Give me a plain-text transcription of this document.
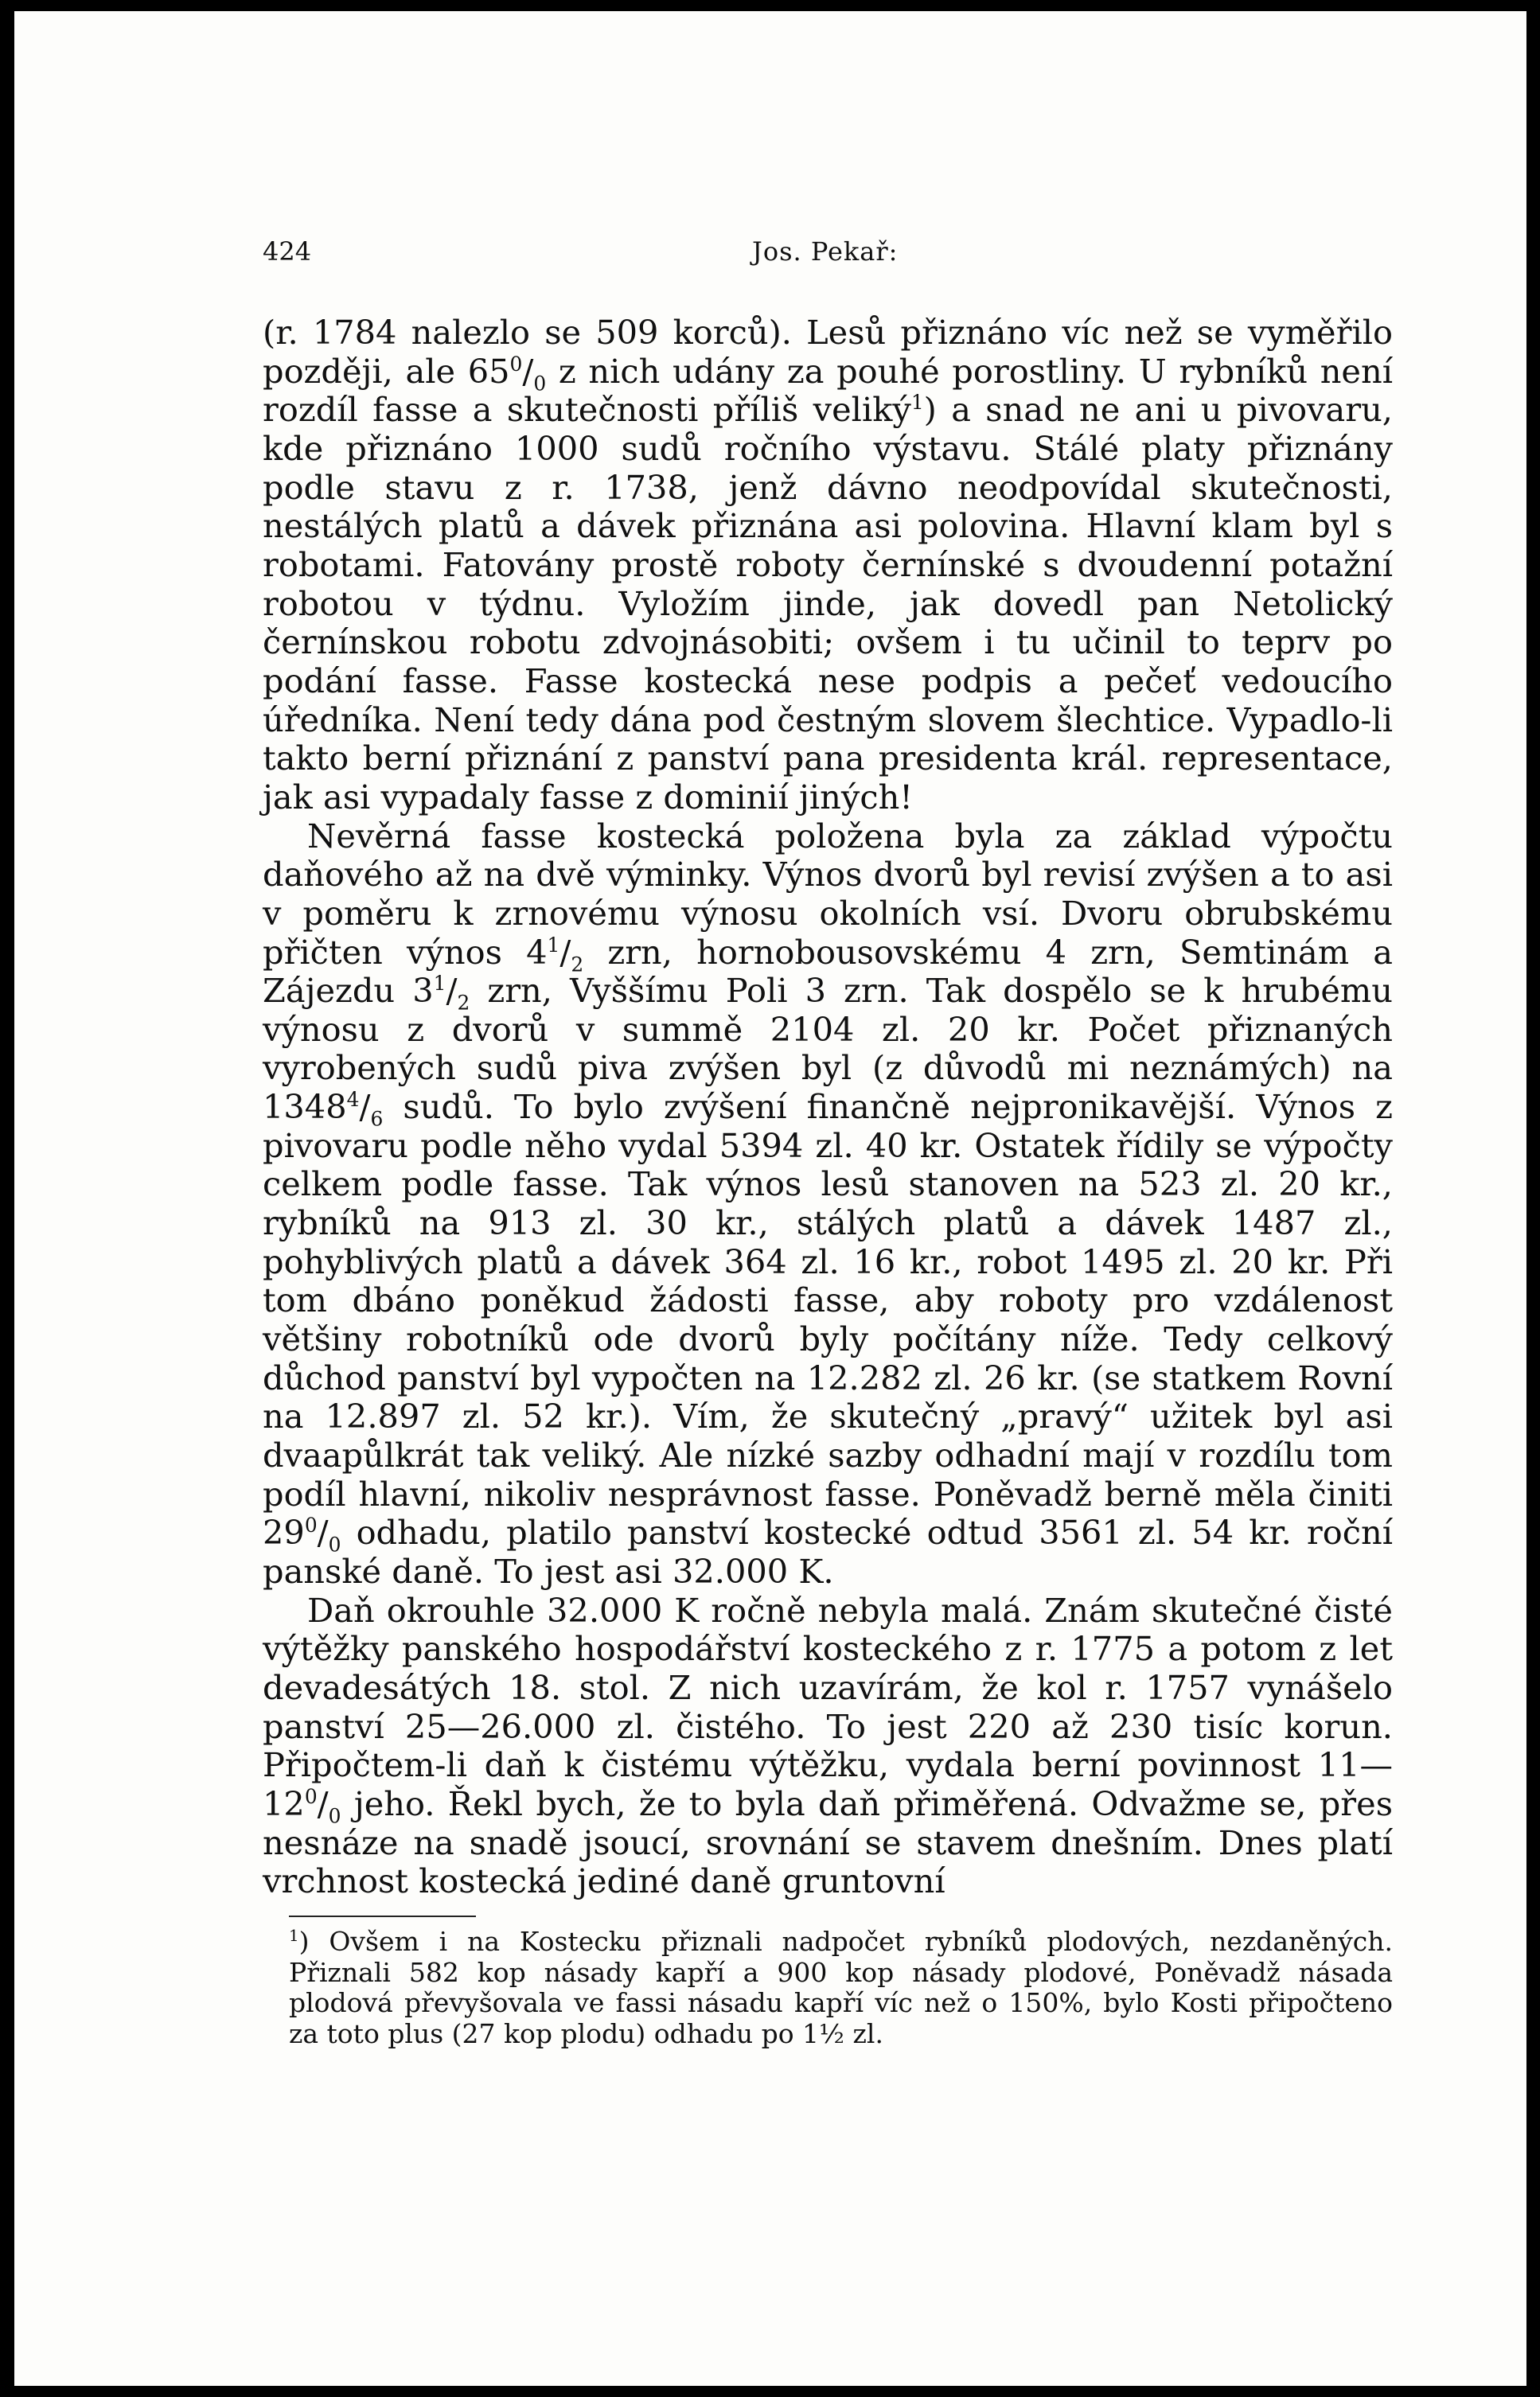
424	Jos. Pekař:

(r. 1784 nalezlo se 509 korců). Lesů přiznáno víc než se vyměřilo později, ale $65^0/_0$ z nich udány za pouhé porostliny. U rybníků není rozdíl fasse a skutečnosti příliš veliký$^1$) a snad ne ani u pivovaru, kde přiznáno 1000 sudů ročního výstavu. Stálé platy přiznány podle stavu z r. 1738, jenž dávno neodpovídal skutečnosti, nestálých platů a dávek přiznána asi polovina. Hlavní klam byl s robotami. Fatovány prostě roboty černínské s dvoudenní potažní robotou v týdnu. Vyložím jinde, jak dovedl pan Netolický černínskou robotu zdvojnásobiti; ovšem i tu učinil to teprv po podání fasse. Fasse kostecká nese podpis a pečeť vedoucího úředníka. Není tedy dána pod čestným slovem šlechtice. Vypadlo-li takto berní přiznání z panství pana presidenta král. representace, jak asi vypadaly fasse z dominií jiných!

Nevěrná fasse kostecká položena byla za základ výpočtu daňového až na dvě výminky. Výnos dvorů byl revisí zvýšen a to asi v poměru k zrnovému výnosu okolních vsí. Dvoru obrubskému přičten výnos $4^1/_2$ zrn, hornobousovskému 4 zrn, Semtinám a Zájezdu $3^1/_2$ zrn, Vyššímu Poli 3 zrn. Tak dospělo se k hrubému výnosu z dvorů v summě 2104 zl. 20 kr. Počet přiznaných vyrobených sudů piva zvýšen byl (z důvodů mi neznámých) na $1348^4/_6$ sudů. To bylo zvýšení finančně nejpronikavější. Výnos z pivovaru podle něho vydal 5394 zl. 40 kr. Ostatek řídily se výpočty celkem podle fasse. Tak výnos lesů stanoven na 523 zl. 20 kr., rybníků na 913 zl. 30 kr., stálých platů a dávek 1487 zl., pohyblivých platů a dávek 364 zl. 16 kr., robot 1495 zl. 20 kr. Při tom dbáno poněkud žádosti fasse, aby roboty pro vzdálenost většiny robotníků ode dvorů byly počítány níže. Tedy celkový důchod panství byl vypočten na 12.282 zl. 26 kr. (se statkem Rovní na 12.897 zl. 52 kr.). Vím, že skutečný „pravý“ užitek byl asi dvaapůlkrát tak veliký. Ale nízké sazby odhadní mají v rozdílu tom podíl hlavní, nikoliv nesprávnost fasse. Poněvadž berně měla činiti $29^0/_0$ odhadu, platilo panství kostecké odtud 3561 zl. 54 kr. roční panské daně. To jest asi 32.000 K.

Daň okrouhle 32.000 K ročně nebyla malá. Znám skutečné čisté výtěžky panského hospodářství kosteckého z r. 1775 a potom z let devadesátých 18. stol. Z nich uzavírám, že kol r. 1757 vynášelo panství 25—26.000 zl. čistého. To jest 220 až 230 tisíc korun. Připočtem-li daň k čistému výtěžku, vydala berní povinnost $11—12^0/_0$ jeho. Řekl bych, že to byla daň přiměřená. Odvažme se, přes nesnáze na snadě jsoucí, srovnání se stavem dnešním. Dnes platí vrchnost kostecká jediné daně gruntovní

$^1$) Ovšem i na Kostecku přiznali nadpočet rybníků plodových, nezdaněných. Přiznali 582 kop násady kapří a 900 kop násady plodové, Poněvadž násada plodová převyšovala ve fassi násadu kapří víc než o 150%, bylo Kosti připočteno za toto plus (27 kop plodu) odhadu po 1½ zl.
